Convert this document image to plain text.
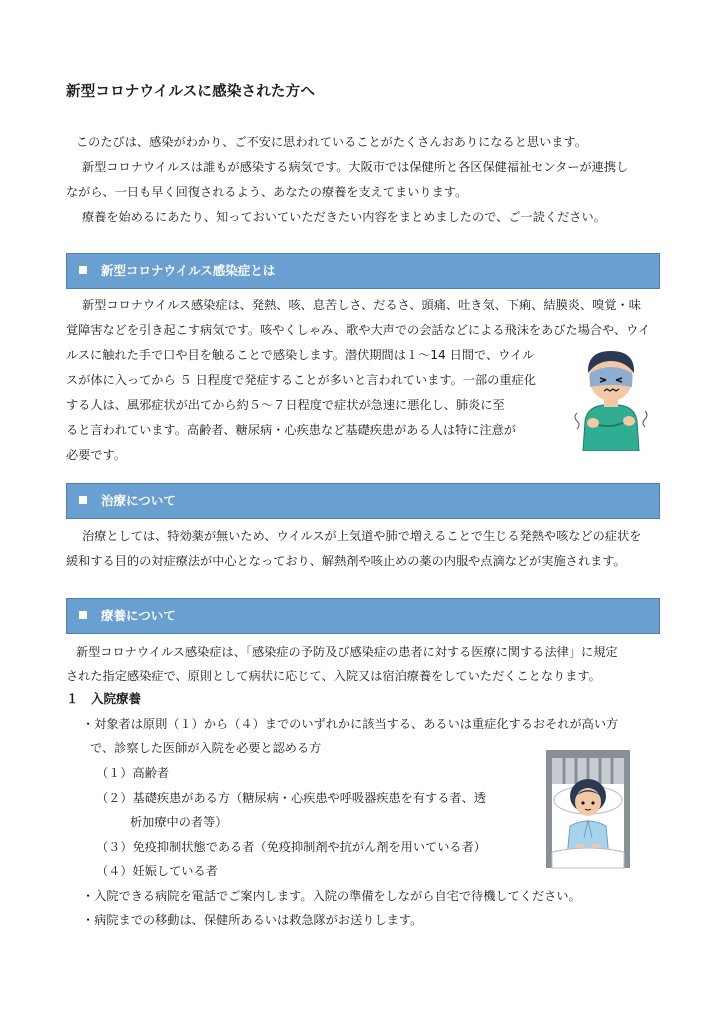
新型コロナウイルスに感染された方へ

このたびは、感染がわかり、ご不安に思われていることがたくさんおありになると思います。

新型コロナウイルスは誰もが感染する病気です。大阪市では保健所と各区保健福祉センターが連携し

ながら、一日も早く回復されるよう、あなたの療養を支えてまいります。

療養を始めるにあたり、知っておいていただきたい内容をまとめましたので、ご一読ください。

新型コロナウイルス感染症とは

新型コロナウイルス感染症は、発熱、咳、息苦しさ、だるさ、頭痛、吐き気、下痢、結膜炎、嗅覚・味

覚障害などを引き起こす病気です。咳やくしゃみ、歌や大声での会話などによる飛沫をあびた場合や、ウイ

ルスに触れた手で口や目を触ることで感染します。潜伏期間は１～14 日間で、ウイル

スが体に入ってから ５ 日程度で発症することが多いと言われています。一部の重症化

する人は、風邪症状が出てから約５～７日程度で症状が急速に悪化し、肺炎に至

ると言われています。高齢者、糖尿病・心疾患など基礎疾患がある人は特に注意が

必要です。

治療について

治療としては、特効薬が無いため、ウイルスが上気道や肺で増えることで生じる発熱や咳などの症状を

緩和する目的の対症療法が中心となっており、解熱剤や咳止めの薬の内服や点滴などが実施されます。

療養について

新型コロナウイルス感染症は、「感染症の予防及び感染症の患者に対する医療に関する法律」に規定

された指定感染症で、原則として病状に応じて、入院又は宿泊療養をしていただくことなります。

１　入院療養

・対象者は原則（１）から（４）までのいずれかに該当する、あるいは重症化するおそれが高い方

で、診察した医師が入院を必要と認める方

（１）高齢者

（２）基礎疾患がある方（糖尿病・心疾患や呼吸器疾患を有する者、透

析加療中の者等）

（３）免疫抑制状態である者（免疫抑制剤や抗がん剤を用いている者）

（４）妊娠している者

・入院できる病院を電話でご案内します。入院の準備をしながら自宅で待機してください。

・病院までの移動は、保健所あるいは救急隊がお送りします。
